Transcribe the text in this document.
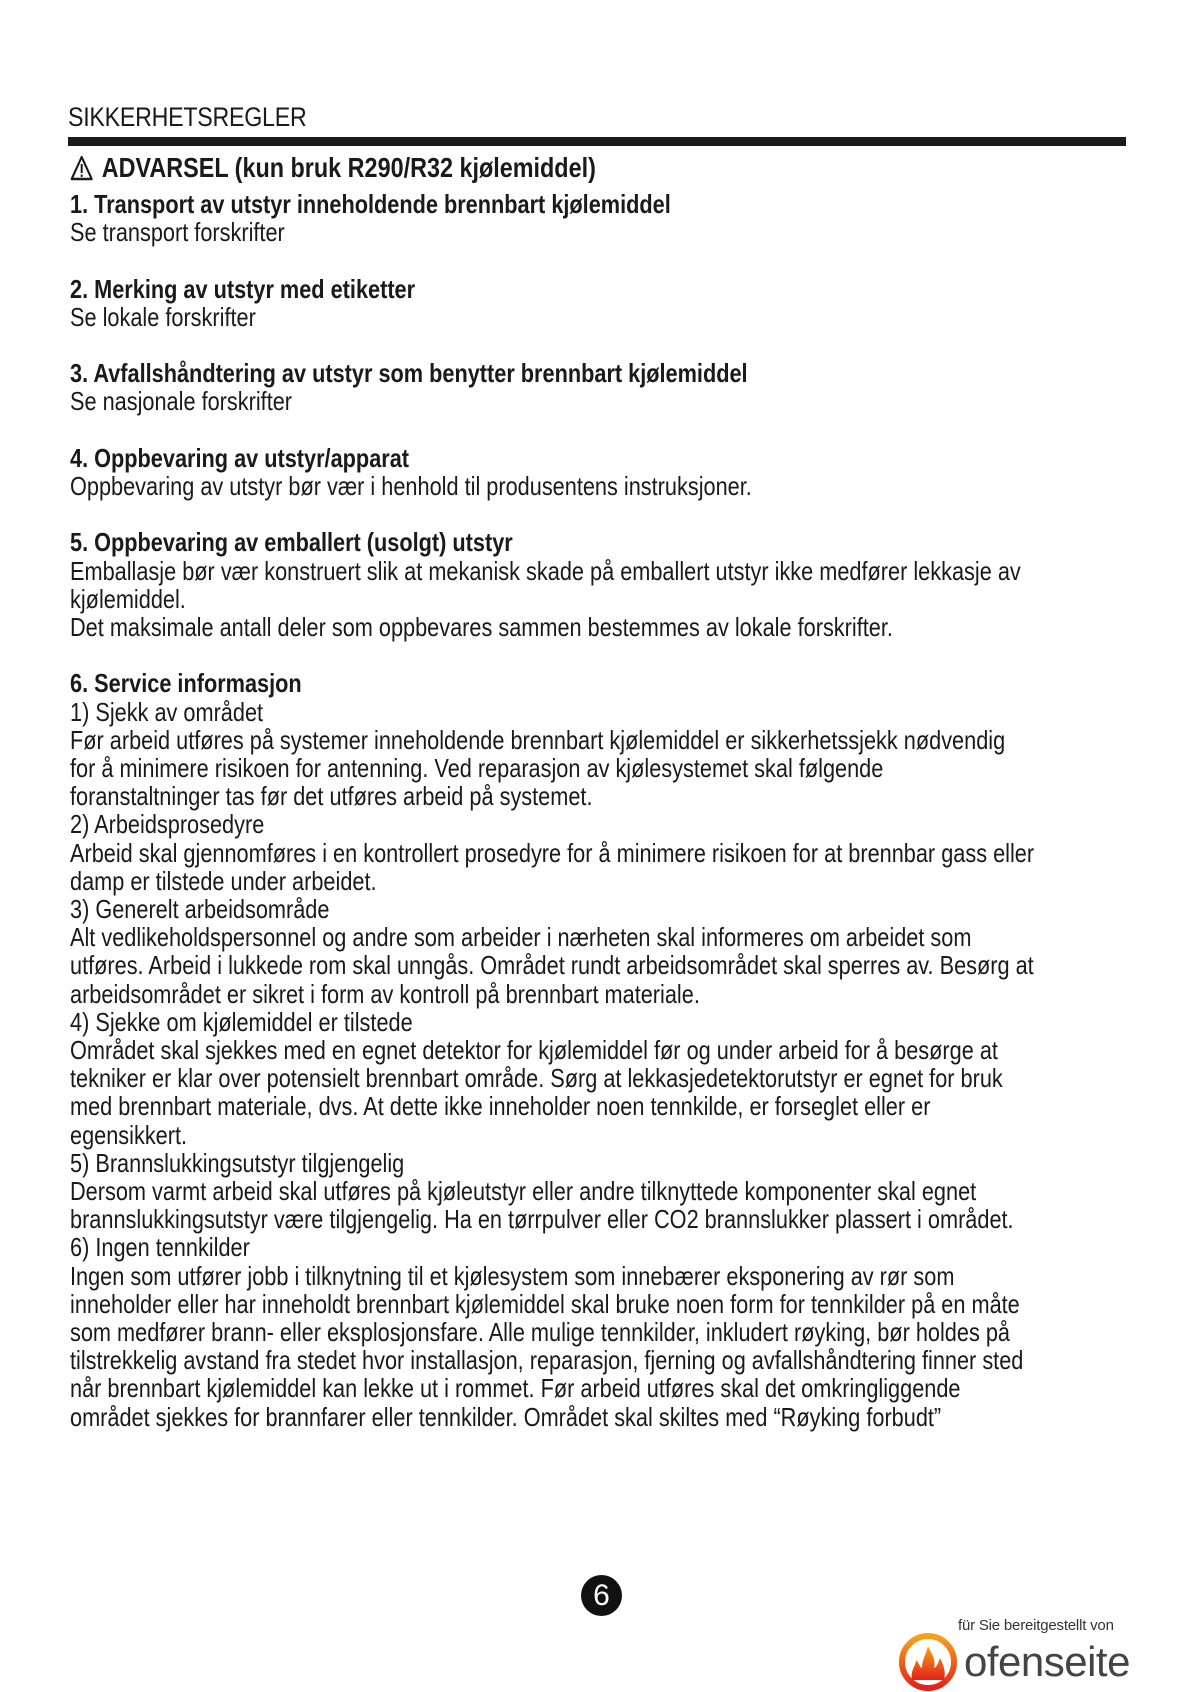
SIKKERHETSREGLER
ADVARSEL (kun bruk R290/R32 kjølemiddel)
1. Transport av utstyr inneholdende brennbart kjølemiddel
Se transport forskrifter
2. Merking av utstyr med etiketter
Se lokale forskrifter
3. Avfallshåndtering av utstyr som benytter brennbart kjølemiddel
Se nasjonale forskrifter
4. Oppbevaring av utstyr/apparat
Oppbevaring av utstyr bør vær i henhold til produsentens instruksjoner.
5. Oppbevaring av emballert (usolgt) utstyr
Emballasje bør vær konstruert slik at mekanisk skade på emballert utstyr ikke medfører lekkasje av
kjølemiddel.
Det maksimale antall deler som oppbevares sammen bestemmes av lokale forskrifter.
6. Service informasjon
1) Sjekk av området
Før arbeid utføres på systemer inneholdende brennbart kjølemiddel er sikkerhetssjekk nødvendig
for å minimere risikoen for antenning. Ved reparasjon av kjølesystemet skal følgende
foranstaltninger tas før det utføres arbeid på systemet.
2) Arbeidsprosedyre
Arbeid skal gjennomføres i en kontrollert prosedyre for å minimere risikoen for at brennbar gass eller
damp er tilstede under arbeidet.
3) Generelt arbeidsområde
Alt vedlikeholdspersonnel og andre som arbeider i nærheten skal informeres om arbeidet som
utføres. Arbeid i lukkede rom skal unngås. Området rundt arbeidsområdet skal sperres av. Besørg at
arbeidsområdet er sikret i form av kontroll på brennbart materiale.
4) Sjekke om kjølemiddel er tilstede
Området skal sjekkes med en egnet detektor for kjølemiddel før og under arbeid for å besørge at
tekniker er klar over potensielt brennbart område. Sørg at lekkasjedetektorutstyr er egnet for bruk
med brennbart materiale, dvs. At dette ikke inneholder noen tennkilde, er forseglet eller er
egensikkert.
5) Brannslukkingsutstyr tilgjengelig
Dersom varmt arbeid skal utføres på kjøleutstyr eller andre tilknyttede komponenter skal egnet
brannslukkingsutstyr være tilgjengelig. Ha en tørrpulver eller CO2 brannslukker plassert i området.
6) Ingen tennkilder
Ingen som utfører jobb i tilknytning til et kjølesystem som innebærer eksponering av rør som
inneholder eller har inneholdt brennbart kjølemiddel skal bruke noen form for tennkilder på en måte
som medfører brann- eller eksplosjonsfare. Alle mulige tennkilder, inkludert røyking, bør holdes på
tilstrekkelig avstand fra stedet hvor installasjon, reparasjon, fjerning og avfallshåndtering finner sted
når brennbart kjølemiddel kan lekke ut i rommet. Før arbeid utføres skal det omkringliggende
området sjekkes for brannfarer eller tennkilder. Området skal skiltes med “Røyking forbudt”
6
für Sie bereitgestellt von
ofenseite
